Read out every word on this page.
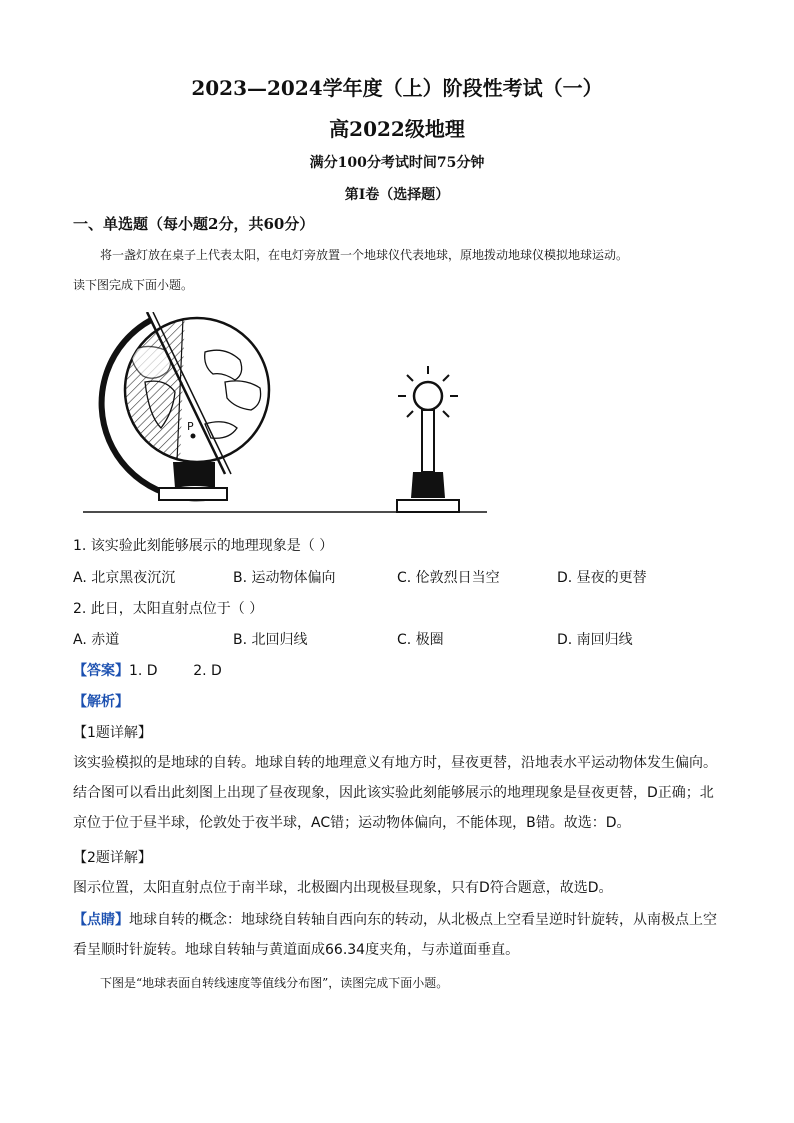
2023—2024学年度（上）阶段性考试（一）
高2022级地理
满分100分考试时间75分钟
第I卷（选择题）
一、单选题（每小题2分，共60分）
将一盏灯放在桌子上代表太阳，在电灯旁放置一个地球仪代表地球，原地拨动地球仪模拟地球运动。
读下图完成下面小题。
P
1. 该实验此刻能够展示的地理现象是（ ）
A. 北京黑夜沉沉	B. 运动物体偏向	C. 伦敦烈日当空	D. 昼夜的更替
2. 此日，太阳直射点位于（ ）
A. 赤道	B. 北回归线	C. 极圈	D. 南回归线
【答案】1. D        2. D
【解析】
【1题详解】
该实验模拟的是地球的自转。地球自转的地理意义有地方时，昼夜更替，沿地表水平运动物体发生偏向。结合图可以看出此刻图上出现了昼夜现象，因此该实验此刻能够展示的地理现象是昼夜更替，D正确；北京位于位于昼半球，伦敦处于夜半球，AC错；运动物体偏向，不能体现，B错。故选：D。
【2题详解】
图示位置，太阳直射点位于南半球，北极圈内出现极昼现象，只有D符合题意，故选D。
【点睛】地球自转的概念：地球绕自转轴自西向东的转动，从北极点上空看呈逆时针旋转，从南极点上空看呈顺时针旋转。地球自转轴与黄道面成66.34度夹角，与赤道面垂直。
下图是“地球表面自转线速度等值线分布图”，读图完成下面小题。
